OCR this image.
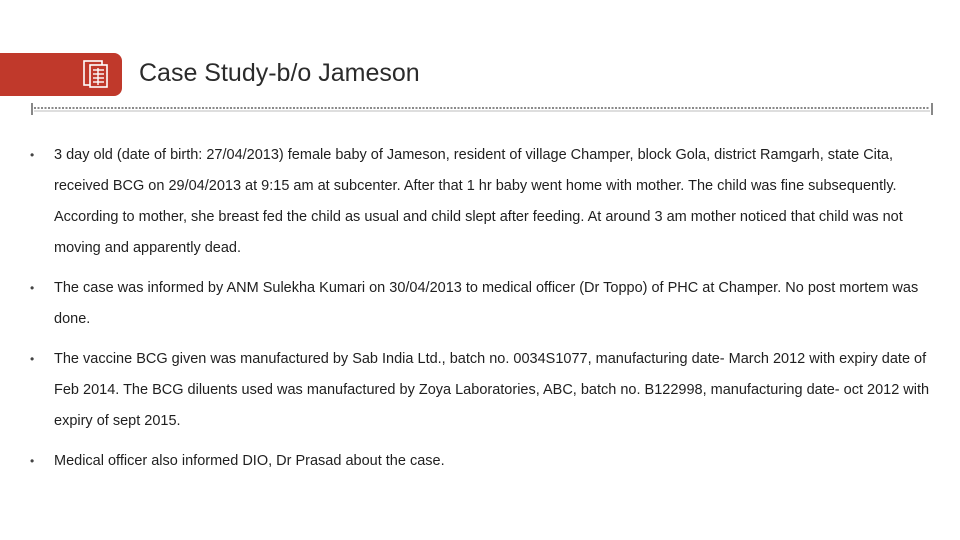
Case Study-b/o Jameson
• 3 day old (date of birth: 27/04/2013) female baby of Jameson, resident of village Champer, block Gola, district Ramgarh, state Cita, received BCG on 29/04/2013 at 9:15 am at subcenter. After that 1 hr baby went home with mother. The child was fine subsequently. According to mother, she breast fed the child as usual and child slept after feeding. At around 3 am mother noticed that child was not moving and apparently dead.
• The case was informed by ANM Sulekha Kumari on 30/04/2013 to medical officer (Dr Toppo) of PHC at Champer. No post mortem was done.
• The vaccine BCG given was manufactured by Sab India Ltd., batch no. 0034S1077, manufacturing date- March 2012 with expiry date of Feb 2014. The BCG diluents used was manufactured by Zoya Laboratories, ABC, batch no. B122998, manufacturing date- oct 2012 with expiry of sept 2015.
• Medical officer also informed DIO, Dr Prasad about the case.
